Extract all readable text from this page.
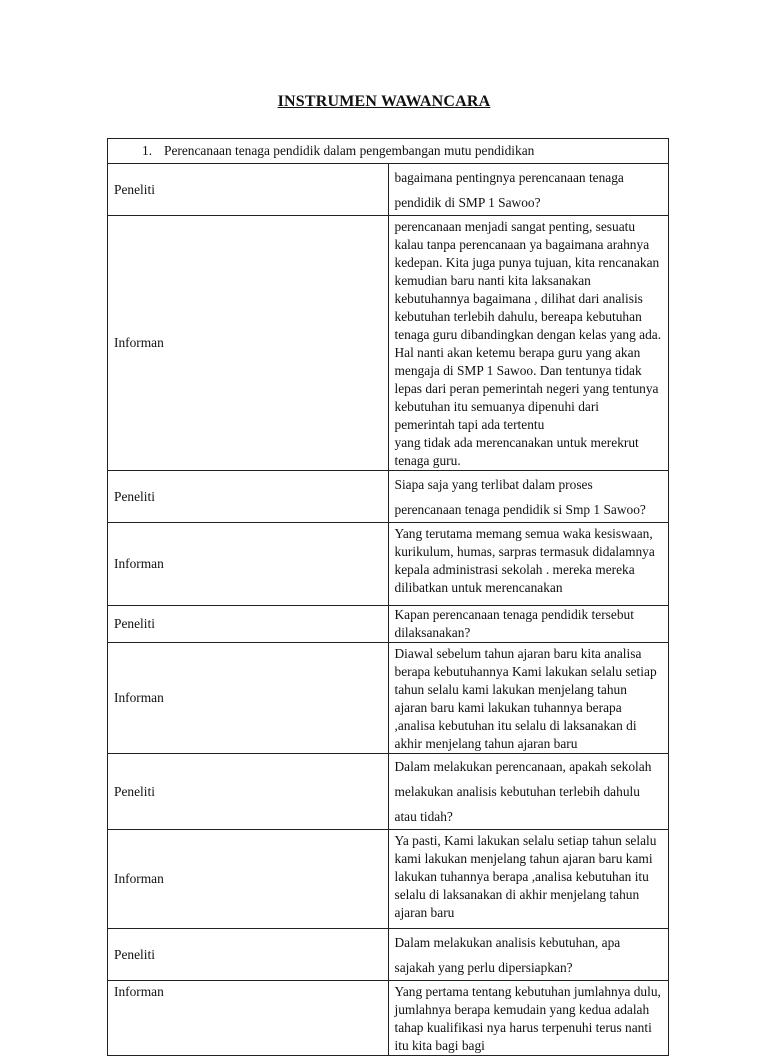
INSTRUMEN WAWANCARA
1. Perencanaan tenaga pendidik dalam pengembangan mutu pendidikan	
Peneliti	bagaimana pentingnya perencanaan tenaga pendidik di SMP 1 Sawoo?
Informan	perencanaan menjadi sangat penting, sesuatu kalau tanpa perencanaan ya bagaimana arahnya kedepan. Kita juga punya tujuan, kita rencanakan kemudian baru nanti kita laksanakan kebutuhannya bagaimana , dilihat dari analisis kebutuhan terlebih dahulu, bereapa kebutuhan tenaga guru dibandingkan dengan kelas yang ada. Hal nanti akan ketemu berapa guru yang akan mengaja di SMP 1 Sawoo. Dan tentunya tidak lepas dari peran pemerintah negeri yang tentunya kebutuhan itu semuanya dipenuhi dari pemerintah tapi ada tertentu
yang tidak ada merencanakan untuk merekrut tenaga guru.

Peneliti	Siapa saja yang terlibat dalam proses perencanaan tenaga pendidik si Smp 1 Sawoo?
Informan	Yang terutama memang semua waka kesiswaan, kurikulum, humas, sarpras termasuk didalamnya kepala administrasi sekolah . mereka mereka dilibatkan untuk merencanakan
Peneliti	Kapan perencanaan tenaga pendidik tersebut dilaksanakan?
Informan	Diawal sebelum tahun ajaran baru kita analisa berapa kebutuhannya Kami lakukan selalu setiap tahun selalu kami lakukan menjelang tahun ajaran baru kami lakukan tuhannya berapa ,analisa kebutuhan itu selalu di laksanakan di akhir menjelang tahun ajaran baru
Peneliti	Dalam melakukan perencanaan, apakah sekolah melakukan analisis kebutuhan terlebih dahulu atau tidah?
Informan	Ya pasti, Kami lakukan selalu setiap tahun selalu kami lakukan menjelang tahun ajaran baru kami lakukan tuhannya berapa ,analisa kebutuhan itu selalu di laksanakan di akhir menjelang tahun ajaran baru
Peneliti	Dalam melakukan analisis kebutuhan, apa sajakah yang perlu dipersiapkan?
Informan	Yang pertama tentang kebutuhan jumlahnya dulu, jumlahnya berapa kemudain yang kedua adalah tahap kualifikasi nya harus terpenuhi terus nanti itu kita bagi bagi
